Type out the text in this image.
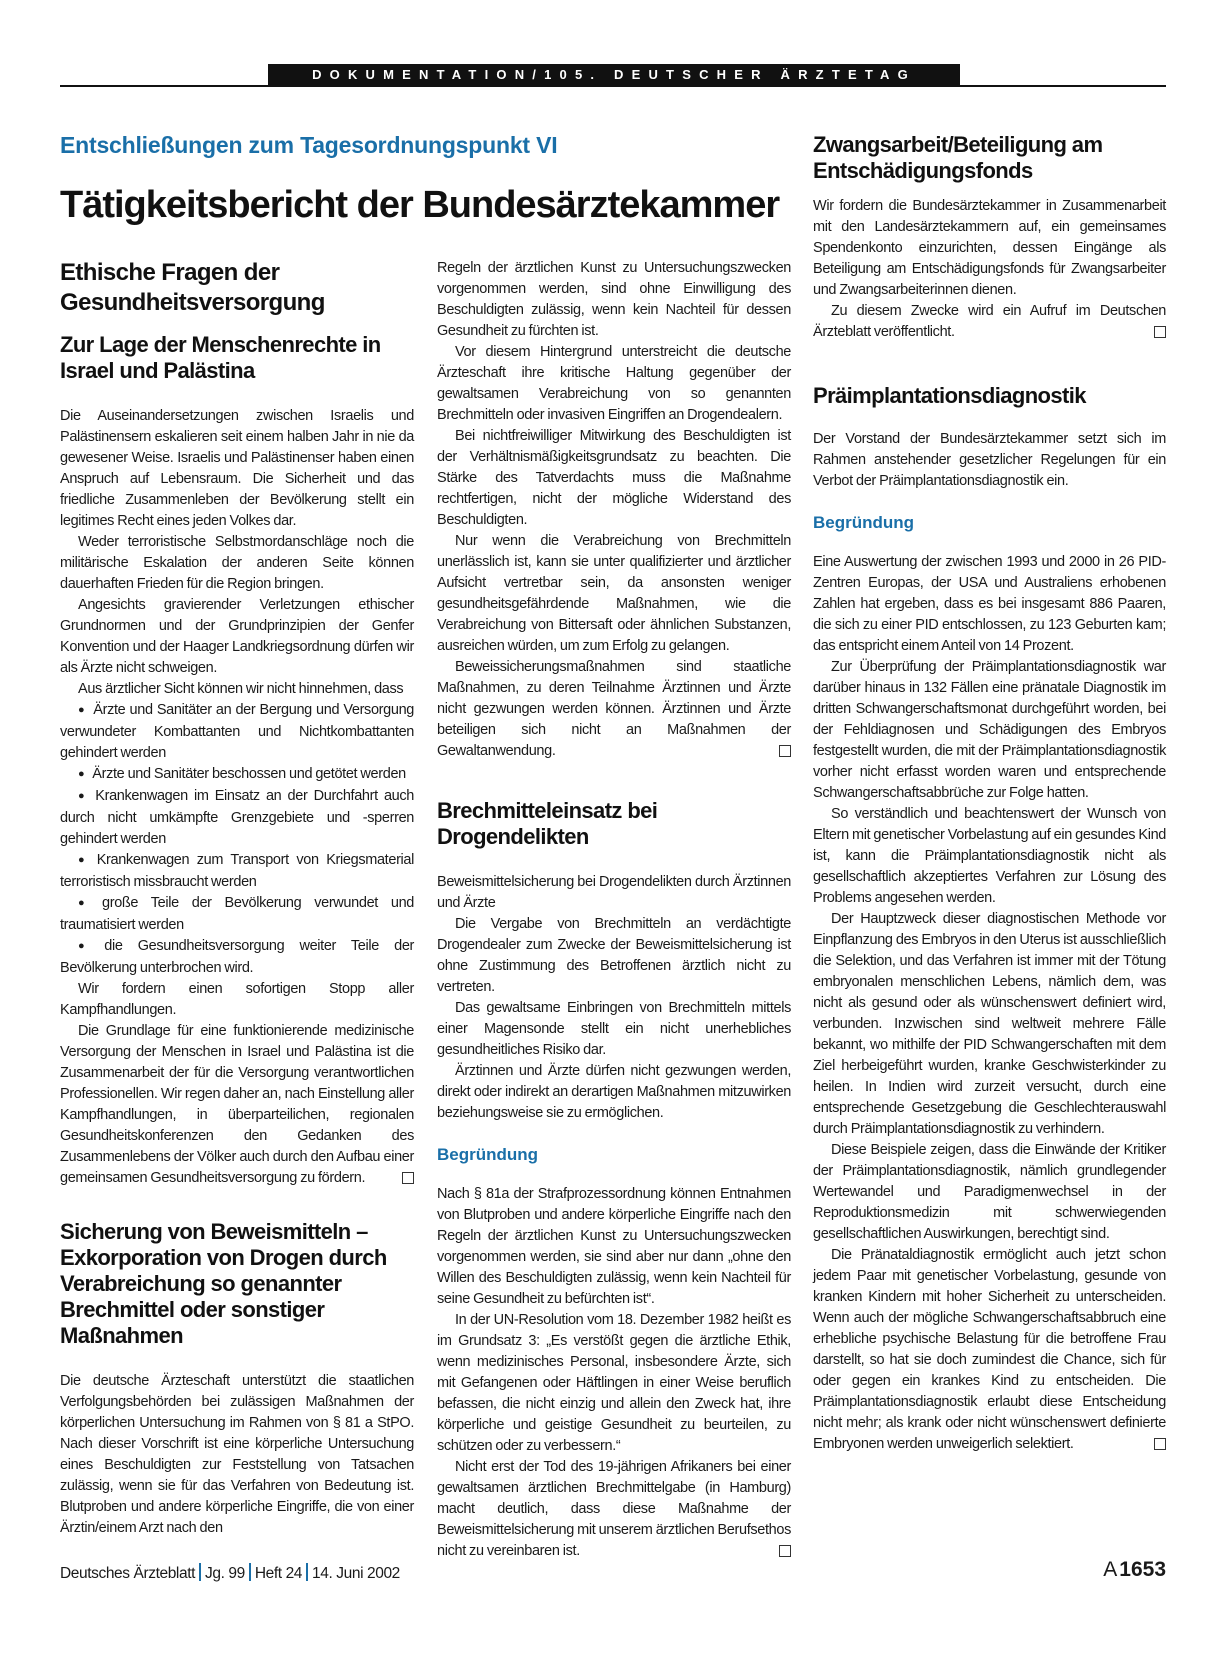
DOKUMENTATION/105. DEUTSCHER ÄRZTETAG
Entschließungen zum Tagesordnungspunkt VI
Tätigkeitsbericht der Bundesärztekammer
Ethische Fragen der Gesundheitsversorgung
Zur Lage der Menschenrechte in Israel und Palästina

Die Auseinandersetzungen zwischen Israelis und Palästinensern eskalieren seit einem halben Jahr in nie da gewesener Weise. Israelis und Palästinenser haben einen Anspruch auf Lebensraum. Die Sicherheit und das friedliche Zusammenleben der Bevölkerung stellt ein legitimes Recht eines jeden Volkes dar.

Weder terroristische Selbstmordanschläge noch die militärische Eskalation der anderen Seite können dauerhaften Frieden für die Region bringen.

Angesichts gravierender Verletzungen ethischer Grundnormen und der Grundprinzipien der Genfer Konvention und der Haager Landkriegsordnung dürfen wir als Ärzte nicht schweigen.

Aus ärztlicher Sicht können wir nicht hinnehmen, dass

● Ärzte und Sanitäter an der Bergung und Versorgung verwundeter Kombattanten und Nichtkombattanten gehindert werden

● Ärzte und Sanitäter beschossen und getötet werden

● Krankenwagen im Einsatz an der Durchfahrt auch durch nicht umkämpfte Grenzgebiete und -sperren gehindert werden

● Krankenwagen zum Transport von Kriegsmaterial terroristisch missbraucht werden

● große Teile der Bevölkerung verwundet und traumatisiert werden

● die Gesundheitsversorgung weiter Teile der Bevölkerung unterbrochen wird.

Wir fordern einen sofortigen Stopp aller Kampfhandlungen.

Die Grundlage für eine funktionierende medizinische Versorgung der Menschen in Israel und Palästina ist die Zusammenarbeit der für die Versorgung verantwortlichen Professionellen. Wir regen daher an, nach Einstellung aller Kampfhandlungen, in überparteilichen, regionalen Gesundheitskonferenzen den Gedanken des Zusammenlebens der Völker auch durch den Aufbau einer gemeinsamen Gesundheitsversorgung zu fördern.

Sicherung von Beweismitteln – Exkorporation von Drogen durch Verabreichung so genannter Brechmittel oder sonstiger Maßnahmen

Die deutsche Ärzteschaft unterstützt die staatlichen Verfolgungsbehörden bei zulässigen Maßnahmen der körperlichen Untersuchung im Rahmen von § 81 a StPO. Nach dieser Vorschrift ist eine körperliche Untersuchung eines Beschuldigten zur Feststellung von Tatsachen zulässig, wenn sie für das Verfahren von Bedeutung ist. Blutproben und andere körperliche Eingriffe, die von einer Ärztin/einem Arzt nach den

Regeln der ärztlichen Kunst zu Untersuchungszwecken vorgenommen werden, sind ohne Einwilligung des Beschuldigten zulässig, wenn kein Nachteil für dessen Gesundheit zu fürchten ist.

Vor diesem Hintergrund unterstreicht die deutsche Ärzteschaft ihre kritische Haltung gegenüber der gewaltsamen Verabreichung von so genannten Brechmitteln oder invasiven Eingriffen an Drogendealern.

Bei nichtfreiwilliger Mitwirkung des Beschuldigten ist der Verhältnismäßigkeitsgrundsatz zu beachten. Die Stärke des Tatverdachts muss die Maßnahme rechtfertigen, nicht der mögliche Widerstand des Beschuldigten.

Nur wenn die Verabreichung von Brechmitteln unerlässlich ist, kann sie unter qualifizierter und ärztlicher Aufsicht vertretbar sein, da ansonsten weniger gesundheitsgefährdende Maßnahmen, wie die Verabreichung von Bittersaft oder ähnlichen Substanzen, ausreichen würden, um zum Erfolg zu gelangen.

Beweissicherungsmaßnahmen sind staatliche Maßnahmen, zu deren Teilnahme Ärztinnen und Ärzte nicht gezwungen werden können. Ärztinnen und Ärzte beteiligen sich nicht an Maßnahmen der Gewaltanwendung.

Brechmitteleinsatz bei Drogendelikten

Beweismittelsicherung bei Drogendelikten durch Ärztinnen und Ärzte

Die Vergabe von Brechmitteln an verdächtigte Drogendealer zum Zwecke der Beweismittelsicherung ist ohne Zustimmung des Betroffenen ärztlich nicht zu vertreten.

Das gewaltsame Einbringen von Brechmitteln mittels einer Magensonde stellt ein nicht unerhebliches gesundheitliches Risiko dar.

Ärztinnen und Ärzte dürfen nicht gezwungen werden, direkt oder indirekt an derartigen Maßnahmen mitzuwirken beziehungsweise sie zu ermöglichen.

Begründung

Nach § 81a der Strafprozessordnung können Entnahmen von Blutproben und andere körperliche Eingriffe nach den Regeln der ärztlichen Kunst zu Untersuchungszwecken vorgenommen werden, sie sind aber nur dann „ohne den Willen des Beschuldigten zulässig, wenn kein Nachteil für seine Gesundheit zu befürchten ist“.

In der UN-Resolution vom 18. Dezember 1982 heißt es im Grundsatz 3: „Es verstößt gegen die ärztliche Ethik, wenn medizinisches Personal, insbesondere Ärzte, sich mit Gefangenen oder Häftlingen in einer Weise beruflich befassen, die nicht einzig und allein den Zweck hat, ihre körperliche und geistige Gesundheit zu beurteilen, zu schützen oder zu verbessern.“

Nicht erst der Tod des 19-jährigen Afrikaners bei einer gewaltsamen ärztlichen Brechmittelgabe (in Hamburg) macht deutlich, dass diese Maßnahme der Beweismittelsicherung mit unserem ärztlichen Berufsethos nicht zu vereinbaren ist.

Zwangsarbeit/Beteiligung am Entschädigungsfonds

Wir fordern die Bundesärztekammer in Zusammenarbeit mit den Landesärztekammern auf, ein gemeinsames Spendenkonto einzurichten, dessen Eingänge als Beteiligung am Entschädigungsfonds für Zwangsarbeiter und Zwangsarbeiterinnen dienen.

Zu diesem Zwecke wird ein Aufruf im Deutschen Ärzteblatt veröffentlicht.

Präimplantationsdiagnostik

Der Vorstand der Bundesärztekammer setzt sich im Rahmen anstehender gesetzlicher Regelungen für ein Verbot der Präimplantationsdiagnostik ein.

Begründung

Eine Auswertung der zwischen 1993 und 2000 in 26 PID-Zentren Europas, der USA und Australiens erhobenen Zahlen hat ergeben, dass es bei insgesamt 886 Paaren, die sich zu einer PID entschlossen, zu 123 Geburten kam; das entspricht einem Anteil von 14 Prozent.

Zur Überprüfung der Präimplantationsdiagnostik war darüber hinaus in 132 Fällen eine pränatale Diagnostik im dritten Schwangerschaftsmonat durchgeführt worden, bei der Fehldiagnosen und Schädigungen des Embryos festgestellt wurden, die mit der Präimplantationsdiagnostik vorher nicht erfasst worden waren und entsprechende Schwangerschaftsabbrüche zur Folge hatten.

So verständlich und beachtenswert der Wunsch von Eltern mit genetischer Vorbelastung auf ein gesundes Kind ist, kann die Präimplantationsdiagnostik nicht als gesellschaftlich akzeptiertes Verfahren zur Lösung des Problems angesehen werden.

Der Hauptzweck dieser diagnostischen Methode vor Einpflanzung des Embryos in den Uterus ist ausschließlich die Selektion, und das Verfahren ist immer mit der Tötung embryonalen menschlichen Lebens, nämlich dem, was nicht als gesund oder als wünschenswert definiert wird, verbunden. Inzwischen sind weltweit mehrere Fälle bekannt, wo mithilfe der PID Schwangerschaften mit dem Ziel herbeigeführt wurden, kranke Geschwisterkinder zu heilen. In Indien wird zurzeit versucht, durch eine entsprechende Gesetzgebung die Geschlechterauswahl durch Präimplantationsdiagnostik zu verhindern.

Diese Beispiele zeigen, dass die Einwände der Kritiker der Präimplantationsdiagnostik, nämlich grundlegender Wertewandel und Paradigmenwechsel in der Reproduktionsmedizin mit schwerwiegenden gesellschaftlichen Auswirkungen, berechtigt sind.

Die Pränataldiagnostik ermöglicht auch jetzt schon jedem Paar mit genetischer Vorbelastung, gesunde von kranken Kindern mit hoher Sicherheit zu unterscheiden. Wenn auch der mögliche Schwangerschaftsabbruch eine erhebliche psychische Belastung für die betroffene Frau darstellt, so hat sie doch zumindest die Chance, sich für oder gegen ein krankes Kind zu entscheiden. Die Präimplantationsdiagnostik erlaubt diese Entscheidung nicht mehr; als krank oder nicht wünschenswert definierte Embryonen werden unweigerlich selektiert.

Deutsches Ärzteblatt Jg. 99 Heft 24 14. Juni 2002	A1653
